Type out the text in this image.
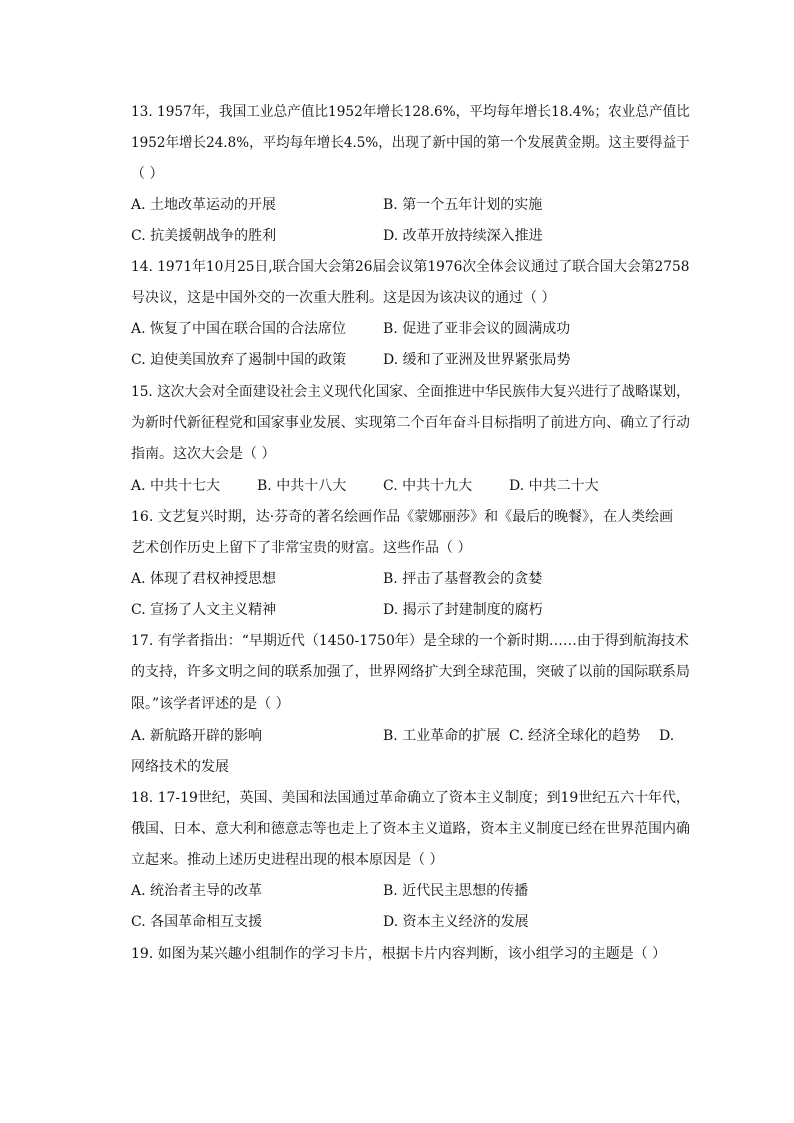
13. 1957年，我国工业总产值比1952年增长128.6%，平均每年增长18.4%；农业总产值比
1952年增长24.8%，平均每年增长4.5%，出现了新中国的第一个发展黄金期。这主要得益于
（ ）
A. 土地改革运动的开展	B. 第一个五年计划的实施
C. 抗美援朝战争的胜利	D. 改革开放持续深入推进
14. 1971年10月25日,联合国大会第26届会议第1976次全体会议通过了联合国大会第2758
号决议，这是中国外交的一次重大胜利。这是因为该决议的通过（ ）
A. 恢复了中国在联合国的合法席位	B. 促进了亚非会议的圆满成功
C. 迫使美国放弃了遏制中国的政策	D. 缓和了亚洲及世界紧张局势
15. 这次大会对全面建设社会主义现代化国家、全面推进中华民族伟大复兴进行了战略谋划，
为新时代新征程党和国家事业发展、实现第二个百年奋斗目标指明了前进方向、确立了行动
指南。这次大会是（ ）
A. 中共十七大	B. 中共十八大	C. 中共十九大	D. 中共二十大
16. 文艺复兴时期，达·芬奇的著名绘画作品《蒙娜丽莎》和《最后的晚餐》，在人类绘画
艺术创作历史上留下了非常宝贵的财富。这些作品（ ）
A. 体现了君权神授思想	B. 抨击了基督教会的贪婪
C. 宣扬了人文主义精神	D. 揭示了封建制度的腐朽
17. 有学者指出：“早期近代（1450-1750年）是全球的一个新时期……由于得到航海技术
的支持，许多文明之间的联系加强了，世界网络扩大到全球范围，突破了以前的国际联系局
限。”该学者评述的是（ ）
A. 新航路开辟的影响	B. 工业革命的扩展 C. 经济全球化的趋势 D.
网络技术的发展
18. 17-19世纪，英国、美国和法国通过革命确立了资本主义制度；到19世纪五六十年代，
俄国、日本、意大利和德意志等也走上了资本主义道路，资本主义制度已经在世界范围内确
立起来。推动上述历史进程出现的根本原因是（ ）
A. 统治者主导的改革	B. 近代民主思想的传播
C. 各国革命相互支援	D. 资本主义经济的发展
19. 如图为某兴趣小组制作的学习卡片，根据卡片内容判断，该小组学习的主题是（ ）
